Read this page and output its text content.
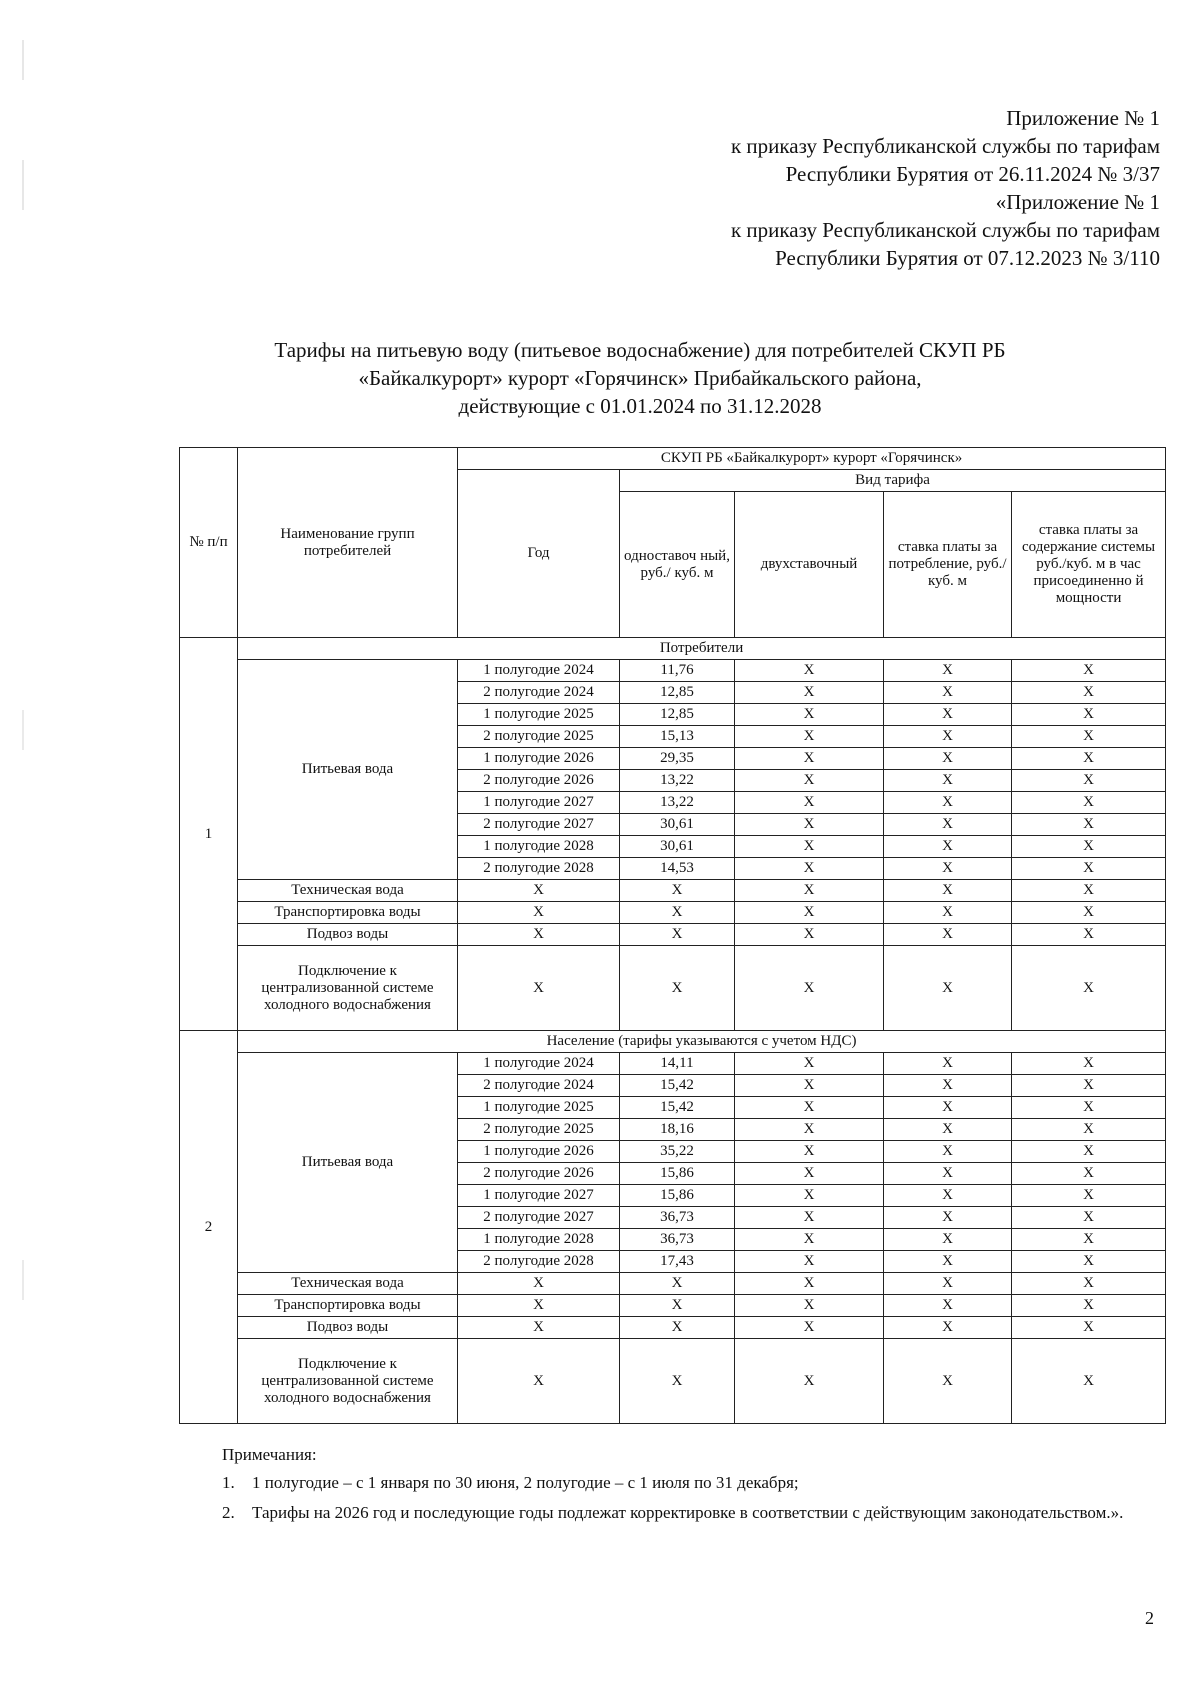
Приложение № 1
к приказу Республиканской службы по тарифам
Республики Бурятия от 26.11.2024 № 3/37
«Приложение № 1
к приказу Республиканской службы по тарифам
Республики Бурятия от 07.12.2023 № 3/110
Тарифы на питьевую воду (питьевое водоснабжение) для потребителей СКУП РБ
«Байкалкурорт» курорт «Горячинск» Прибайкальского района,
действующие с 01.01.2024 по 31.12.2028
№ п/п	Наименование групп потребителей	СКУП РБ «Байкалкурорт» курорт «Горячинск»				
		Год	Вид тарифа			
			одноставоч ный, руб./ куб. м	двухставочный	ставка платы за потребление, руб./ куб. м	ставка платы за содержание системы руб./куб. м в час присоединенно й мощности
1	Потребители					
	Питьевая вода	1 полугодие 2024	11,76	X	X	X
		2 полугодие 2024	12,85	X	X	X
		1 полугодие 2025	12,85	X	X	X
		2 полугодие 2025	15,13	X	X	X
		1 полугодие 2026	29,35	X	X	X
		2 полугодие 2026	13,22	X	X	X
		1 полугодие 2027	13,22	X	X	X
		2 полугодие 2027	30,61	X	X	X
		1 полугодие 2028	30,61	X	X	X
		2 полугодие 2028	14,53	X	X	X
	Техническая вода	X	X	X	X	X
	Транспортировка воды	X	X	X	X	X
	Подвоз воды	X	X	X	X	X
	Подключение к централизованной системе холодного водоснабжения	X	X	X	X	X
2	Население (тарифы указываются с учетом НДС)					
	Питьевая вода	1 полугодие 2024	14,11	X	X	X
		2 полугодие 2024	15,42	X	X	X
		1 полугодие 2025	15,42	X	X	X
		2 полугодие 2025	18,16	X	X	X
		1 полугодие 2026	35,22	X	X	X
		2 полугодие 2026	15,86	X	X	X
		1 полугодие 2027	15,86	X	X	X
		2 полугодие 2027	36,73	X	X	X
		1 полугодие 2028	36,73	X	X	X
		2 полугодие 2028	17,43	X	X	X
	Техническая вода	X	X	X	X	X
	Транспортировка воды	X	X	X	X	X
	Подвоз воды	X	X	X	X	X
	Подключение к централизованной системе холодного водоснабжения	X	X	X	X	X
Примечания:
1. 1 полугодие – с 1 января по 30 июня, 2 полугодие – с 1 июля по 31 декабря;
2. Тарифы на 2026 год и последующие годы подлежат корректировке в соответствии с действующим законодательством.».
2
